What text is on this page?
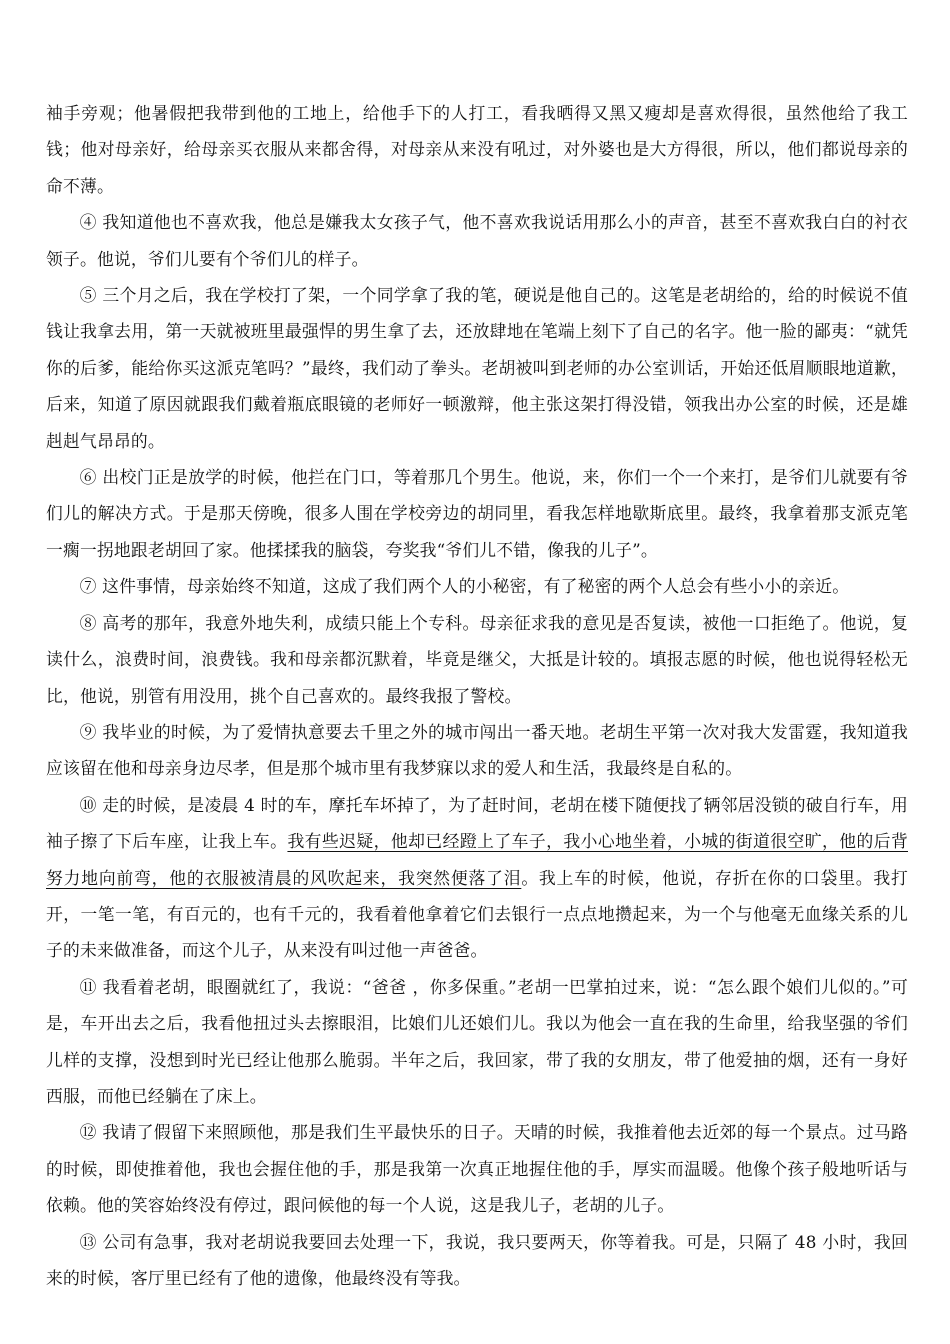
袖手旁观；他暑假把我带到他的工地上，给他手下的人打工，看我晒得又黑又瘦却是喜欢得很，虽然他给了我工钱；他对母亲好，给母亲买衣服从来都舍得，对母亲从来没有吼过，对外婆也是大方得很，所以，他们都说母亲的命不薄。

④ 我知道他也不喜欢我，他总是嫌我太女孩子气，他不喜欢我说话用那么小的声音，甚至不喜欢我白白的衬衣领子。他说，爷们儿要有个爷们儿的样子。

⑤ 三个月之后，我在学校打了架，一个同学拿了我的笔，硬说是他自己的。这笔是老胡给的，给的时候说不值钱让我拿去用，第一天就被班里最强悍的男生拿了去，还放肆地在笔端上刻下了自己的名字。他一脸的鄙夷：“就凭你的后爹，能给你买这派克笔吗？”最终，我们动了拳头。老胡被叫到老师的办公室训话，开始还低眉顺眼地道歉，后来，知道了原因就跟我们戴着瓶底眼镜的老师好一顿激辩，他主张这架打得没错，领我出办公室的时候，还是雄赳赳气昂昂的。

⑥ 出校门正是放学的时候，他拦在门口，等着那几个男生。他说，来，你们一个一个来打，是爷们儿就要有爷们儿的解决方式。于是那天傍晚，很多人围在学校旁边的胡同里，看我怎样地歇斯底里。最终，我拿着那支派克笔一瘸一拐地跟老胡回了家。他揉揉我的脑袋，夸奖我“爷们儿不错，像我的儿子”。

⑦ 这件事情，母亲始终不知道，这成了我们两个人的小秘密，有了秘密的两个人总会有些小小的亲近。

⑧ 高考的那年，我意外地失利，成绩只能上个专科。母亲征求我的意见是否复读，被他一口拒绝了。他说，复读什么，浪费时间，浪费钱。我和母亲都沉默着，毕竟是继父，大抵是计较的。填报志愿的时候，他也说得轻松无比，他说，别管有用没用，挑个自己喜欢的。最终我报了警校。

⑨ 我毕业的时候，为了爱情执意要去千里之外的城市闯出一番天地。老胡生平第一次对我大发雷霆，我知道我应该留在他和母亲身边尽孝，但是那个城市里有我梦寐以求的爱人和生活，我最终是自私的。

⑩ 走的时候，是凌晨 4 时的车，摩托车坏掉了，为了赶时间，老胡在楼下随便找了辆邻居没锁的破自行车，用袖子擦了下后车座，让我上车。我有些迟疑，他却已经蹬上了车子，我小心地坐着，小城的街道很空旷，他的后背努力地向前弯，他的衣服被清晨的风吹起来，我突然便落了泪。我上车的时候，他说，存折在你的口袋里。我打开，一笔一笔，有百元的，也有千元的，我看着他拿着它们去银行一点点地攒起来，为一个与他毫无血缘关系的儿子的未来做准备，而这个儿子，从来没有叫过他一声爸爸。

⑪ 我看着老胡，眼圈就红了，我说：“爸爸 ，你多保重。”老胡一巴掌拍过来，说：“怎么跟个娘们儿似的。”可是，车开出去之后，我看他扭过头去擦眼泪，比娘们儿还娘们儿。我以为他会一直在我的生命里，给我坚强的爷们儿样的支撑，没想到时光已经让他那么脆弱。半年之后，我回家，带了我的女朋友，带了他爱抽的烟，还有一身好西服，而他已经躺在了床上。

⑫ 我请了假留下来照顾他，那是我们生平最快乐的日子。天晴的时候，我推着他去近郊的每一个景点。过马路的时候，即使推着他，我也会握住他的手，那是我第一次真正地握住他的手，厚实而温暖。他像个孩子般地听话与依赖。他的笑容始终没有停过，跟问候他的每一个人说，这是我儿子，老胡的儿子。

⑬ 公司有急事，我对老胡说我要回去处理一下，我说，我只要两天，你等着我。可是，只隔了 48 小时，我回来的时候，客厅里已经有了他的遗像，他最终没有等我。
